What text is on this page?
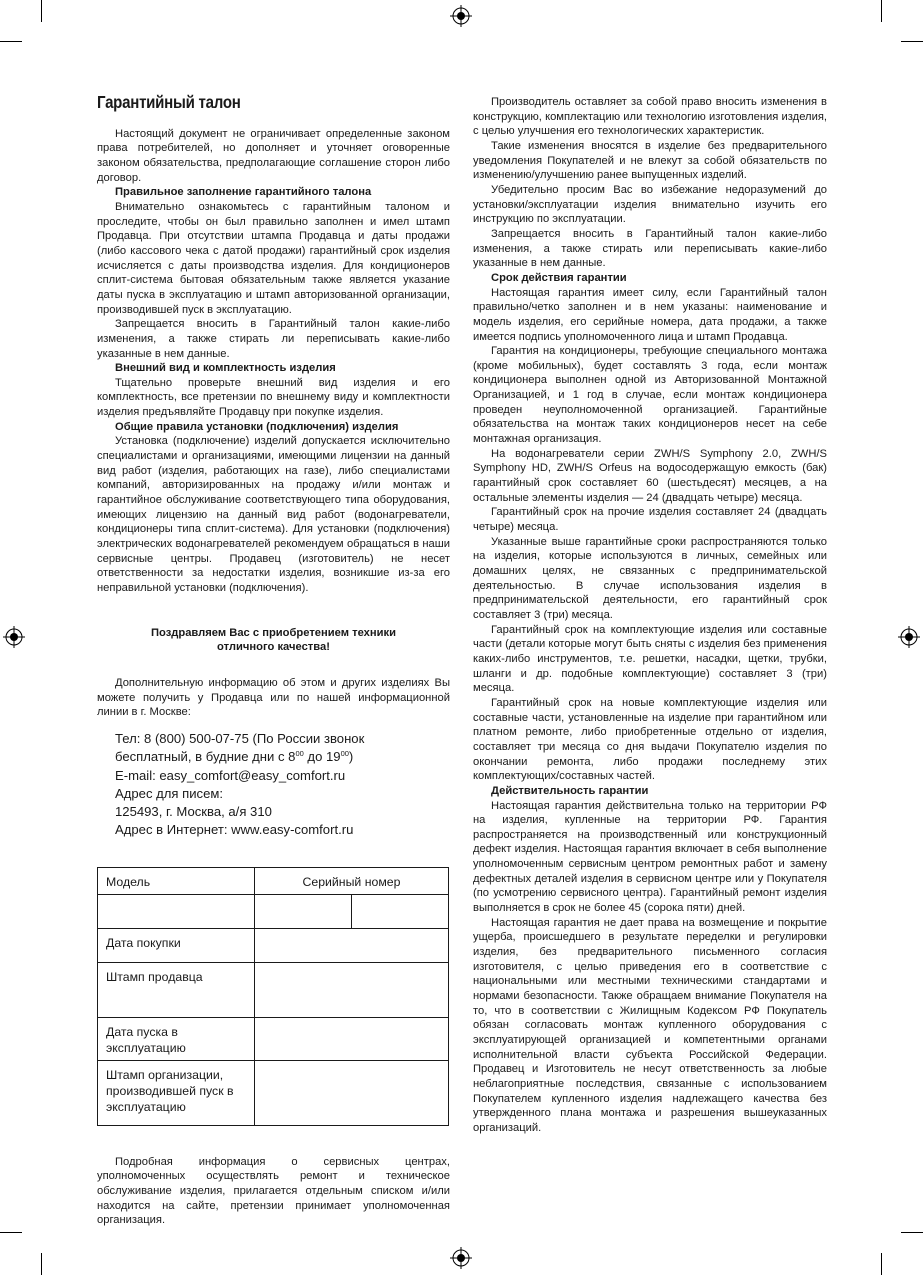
Гарантийный талон

Настоящий документ не ограничивает определенные законом права потребителей, но дополняет и уточняет оговоренные законом обязательства, предполагающие соглашение сторон либо договор.

Правильное заполнение гарантийного талона

Внимательно ознакомьтесь с гарантийным талоном и проследите, чтобы он был правильно заполнен и имел штамп Продавца. При отсутствии штампа Продавца и даты продажи (либо кассового чека с датой продажи) гарантийный срок изделия исчисляется с даты производства изделия. Для кондиционеров сплит-система бытовая обязательным также является указание даты пуска в эксплуатацию и штамп авторизованной организации, производившей пуск в эксплуатацию.

Запрещается вносить в Гарантийный талон какие-либо изменения, а также стирать ли переписывать какие-либо указанные в нем данные.

Внешний вид и комплектность изделия

Тщательно проверьте внешний вид изделия и его комплектность, все претензии по внешнему виду и комплектности изделия предъявляйте Продавцу при покупке изделия.

Общие правила установки (подключения) изделия

Установка (подключение) изделий допускается исключительно специалистами и организациями, имеющими лицензии на данный вид работ (изделия, работающих на газе), либо специалистами компаний, авторизированных на продажу и/или монтаж и гарантийное обслуживание соответствующего типа оборудования, имеющих лицензию на данный вид работ (водонагреватели, кондиционеры типа сплит-система). Для установки (подключения) электрических водонагревателей рекомендуем обращаться в наши сервисные центры. Продавец (изготовитель) не несет ответственности за недостатки изделия, возникшие из-за его неправильной установки (подключения).

Поздравляем Вас с приобретением техники
отличного качества!

Дополнительную информацию об этом и других изделиях Вы можете получить у Продавца или по нашей информационной линии в г. Москве:

Тел: 8 (800) 500-07-75 (По России звонок
бесплатный, в будние дни с $8^{00}$ до $19^{00}$)
E-mail: easy_comfort@easy_comfort.ru
Адрес для писем:
125493, г. Москва, а/я 310
Адрес в Интернет: www.easy-comfort.ru
Модель	Серийный номер	

Дата покупки		
Штамп продавца		
Дата пуска в эксплуатацию		
Штамп организации, производившей пуск в эксплуатацию		

Подробная информация о сервисных центрах, уполномоченных осуществлять ремонт и техническое обслуживание изделия, прилагается отдельным списком и/или находится на сайте, претензии принимает уполномоченная организация.

Производитель оставляет за собой право вносить изменения в конструкцию, комплектацию или технологию изготовления изделия, с целью улучшения его технологических характеристик.

Такие изменения вносятся в изделие без предварительного уведомления Покупателей и не влекут за собой обязательств по изменению/улучшению ранее выпущенных изделий.

Убедительно просим Вас во избежание недоразумений до установки/эксплуатации изделия внимательно изучить его инструкцию по эксплуатации.

Запрещается вносить в Гарантийный талон какие-либо изменения, а также стирать или переписывать какие-либо указанные в нем данные.

Срок действия гарантии

Настоящая гарантия имеет силу, если Гарантийный талон правильно/четко заполнен и в нем указаны: наименование и модель изделия, его серийные номера, дата продажи, а также имеется подпись уполномоченного лица и штамп Продавца.

Гарантия на кондиционеры, требующие специального монтажа (кроме мобильных), будет составлять 3 года, если монтаж кондиционера выполнен одной из Авторизованной Монтажной Организацией, и 1 год в случае, если монтаж кондиционера проведен неуполномоченной организацией. Гарантийные обязательства на монтаж таких кондиционеров несет на себе монтажная организация.

На водонагреватели серии ZWH/S Symphony 2.0, ZWH/S Symphony HD, ZWH/S Orfeus на водосодержащую емкость (бак) гарантийный срок составляет 60 (шестьдесят) месяцев, а на остальные элементы изделия — 24 (двадцать четыре) месяца.

Гарантийный срок на прочие изделия составляет 24 (двадцать четыре) месяца.

Указанные выше гарантийные сроки распространяются только на изделия, которые используются в личных, семейных или домашних целях, не связанных с предпринимательской деятельностью. В случае использования изделия в предпринимательской деятельности, его гарантийный срок составляет 3 (три) месяца.

Гарантийный срок на комплектующие изделия или составные части (детали которые могут быть сняты с изделия без применения каких-либо инструментов, т.е. решетки, насадки, щетки, трубки, шланги и др. подобные комплектующие) составляет 3 (три) месяца.

Гарантийный срок на новые комплектующие изделия или составные части, установленные на изделие при гарантийном или платном ремонте, либо приобретенные отдельно от изделия, составляет три месяца со дня выдачи Покупателю изделия по окончании ремонта, либо продажи последнему этих комплектующих/составных частей.

Действительность гарантии

Настоящая гарантия действительна только на территории РФ на изделия, купленные на территории РФ. Гарантия распространяется на производственный или конструкционный дефект изделия. Настоящая гарантия включает в себя выполнение уполномоченным сервисным центром ремонтных работ и замену дефектных деталей изделия в сервисном центре или у Покупателя (по усмотрению сервисного центра). Гарантийный ремонт изделия выполняется в срок не более 45 (сорока пяти) дней.

Настоящая гарантия не дает права на возмещение и покрытие ущерба, происшедшего в результате переделки и регулировки изделия, без предварительного письменного согласия изготовителя, с целью приведения его в соответствие с национальными или местными техническими стандартами и нормами безопасности. Также обращаем внимание Покупателя на то, что в соответствии с Жилищным Кодексом РФ Покупатель обязан согласовать монтаж купленного оборудования с эксплуатирующей организацией и компетентными органами исполнительной власти субъекта Российской Федерации. Продавец и Изготовитель не несут ответственность за любые неблагоприятные последствия, связанные с использованием Покупателем купленного изделия надлежащего качества без утвержденного плана монтажа и разрешения вышеуказанных организаций.
